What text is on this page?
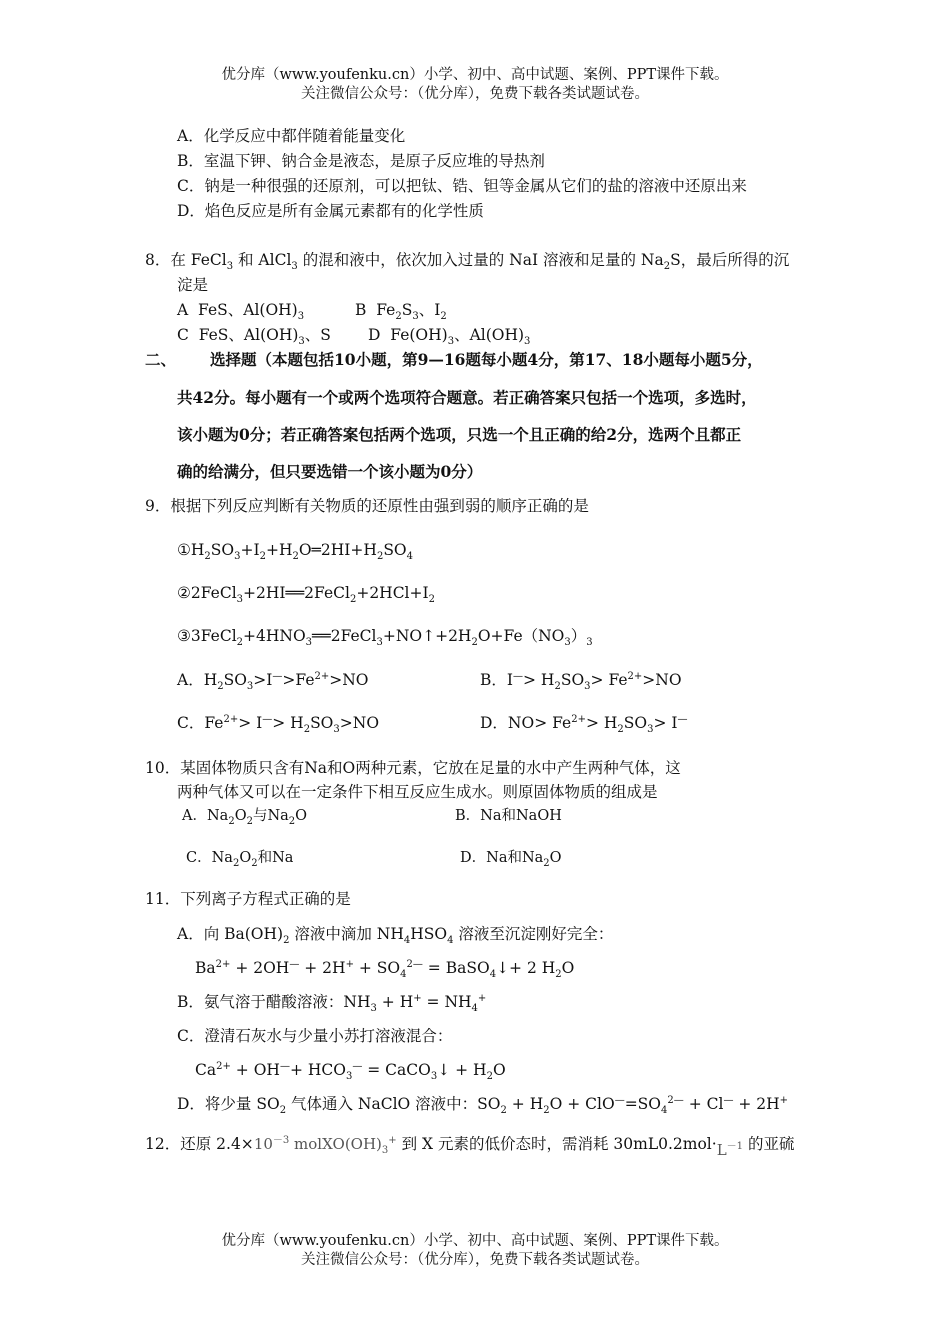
优分库（www.youfenku.cn）小学、初中、高中试题、案例、PPT课件下载。
关注微信公众号：（优分库），免费下载各类试题试卷。
A．化学反应中都伴随着能量变化
B．室温下钾、钠合金是液态，是原子反应堆的导热剂
C．钠是一种很强的还原剂，可以把钛、锆、钽等金属从它们的盐的溶液中还原出来
D．焰色反应是所有金属元素都有的化学性质
8．在 FeCl$_3$ 和 AlCl$_3$ 的混和液中，依次加入过量的 NaI 溶液和足量的 $Na_2S$，最后所得的沉
淀是
A  FeS、$Al(OH)_3$	B  $Fe_2S_3$、$I_2$
C  FeS、$Al(OH)_3$、S D  $Fe(OH)_3$、$Al(OH)_3$
二、 选择题（本题包括10小题，第9—16题每小题4分，第17、18小题每小题5分，
共42分。每小题有一个或两个选项符合题意。若正确答案只包括一个选项，多选时，
该小题为0分；若正确答案包括两个选项，只选一个且正确的给2分，选两个且都正
确的给满分，但只要选错一个该小题为0分）
9．根据下列反应判断有关物质的还原性由强到弱的顺序正确的是
$①H_2SO_3+I_2+H_2O═2HI+H_2SO_4$
$②2FeCl_3+2HI══2FeCl_2+2HCl+I_2$
$③3FeCl_2+4HNO_3══2FeCl_3+NO↑+2H_2O+Fe(NO_3)_3$
A．$H_2SO_3>I^—>Fe^{2+}>NO$	B．$I^—> H_2SO_3> Fe^{2+}>NO$
C．$Fe^{2+}> I^—> H_2SO_3>NO$	D．$NO> Fe^{2+}> H_2SO_3> I^—$
10．某固体物质只含有Na和O两种元素，它放在足量的水中产生两种气体，这
两种气体又可以在一定条件下相互反应生成水。则原固体物质的组成是
A．$Na_2O_2$与$Na_2O$	B．Na和NaOH
C．$Na_2O_2$和Na	D．Na和$Na_2O$
11．下列离子方程式正确的是
A．向 $Ba(OH)_2$ 溶液中滴加 $NH_4HSO_4$ 溶液至沉淀刚好完全：
$Ba^{2+} + 2OH^— + 2H^+ + SO_4^{2—}$ = BaSO$_4$↓+ 2 $H_2O$
B．氨气溶于醋酸溶液：$NH_3 + H^+ = NH_4^+$
C．澄清石灰水与少量小苏打溶液混合：
$Ca^{2+} + OH^—+ HCO_3^—$ = CaCO$_3$↓ + $H_2O$
D．将少量 $SO_2$ 气体通入 NaClO 溶液中：$SO_2 + H_2O + ClO^—=SO_4^{2—} + Cl^— + 2H^+$
12．还原 $2.4\times 10^{-3}$ $molXO(OH)_3^+$ 到 X 元素的低价态时，需消耗 $30mL0.2mol\cdot L^{-1}$ 的亚硫
优分库（www.youfenku.cn）小学、初中、高中试题、案例、PPT课件下载。
关注微信公众号：（优分库），免费下载各类试题试卷。
